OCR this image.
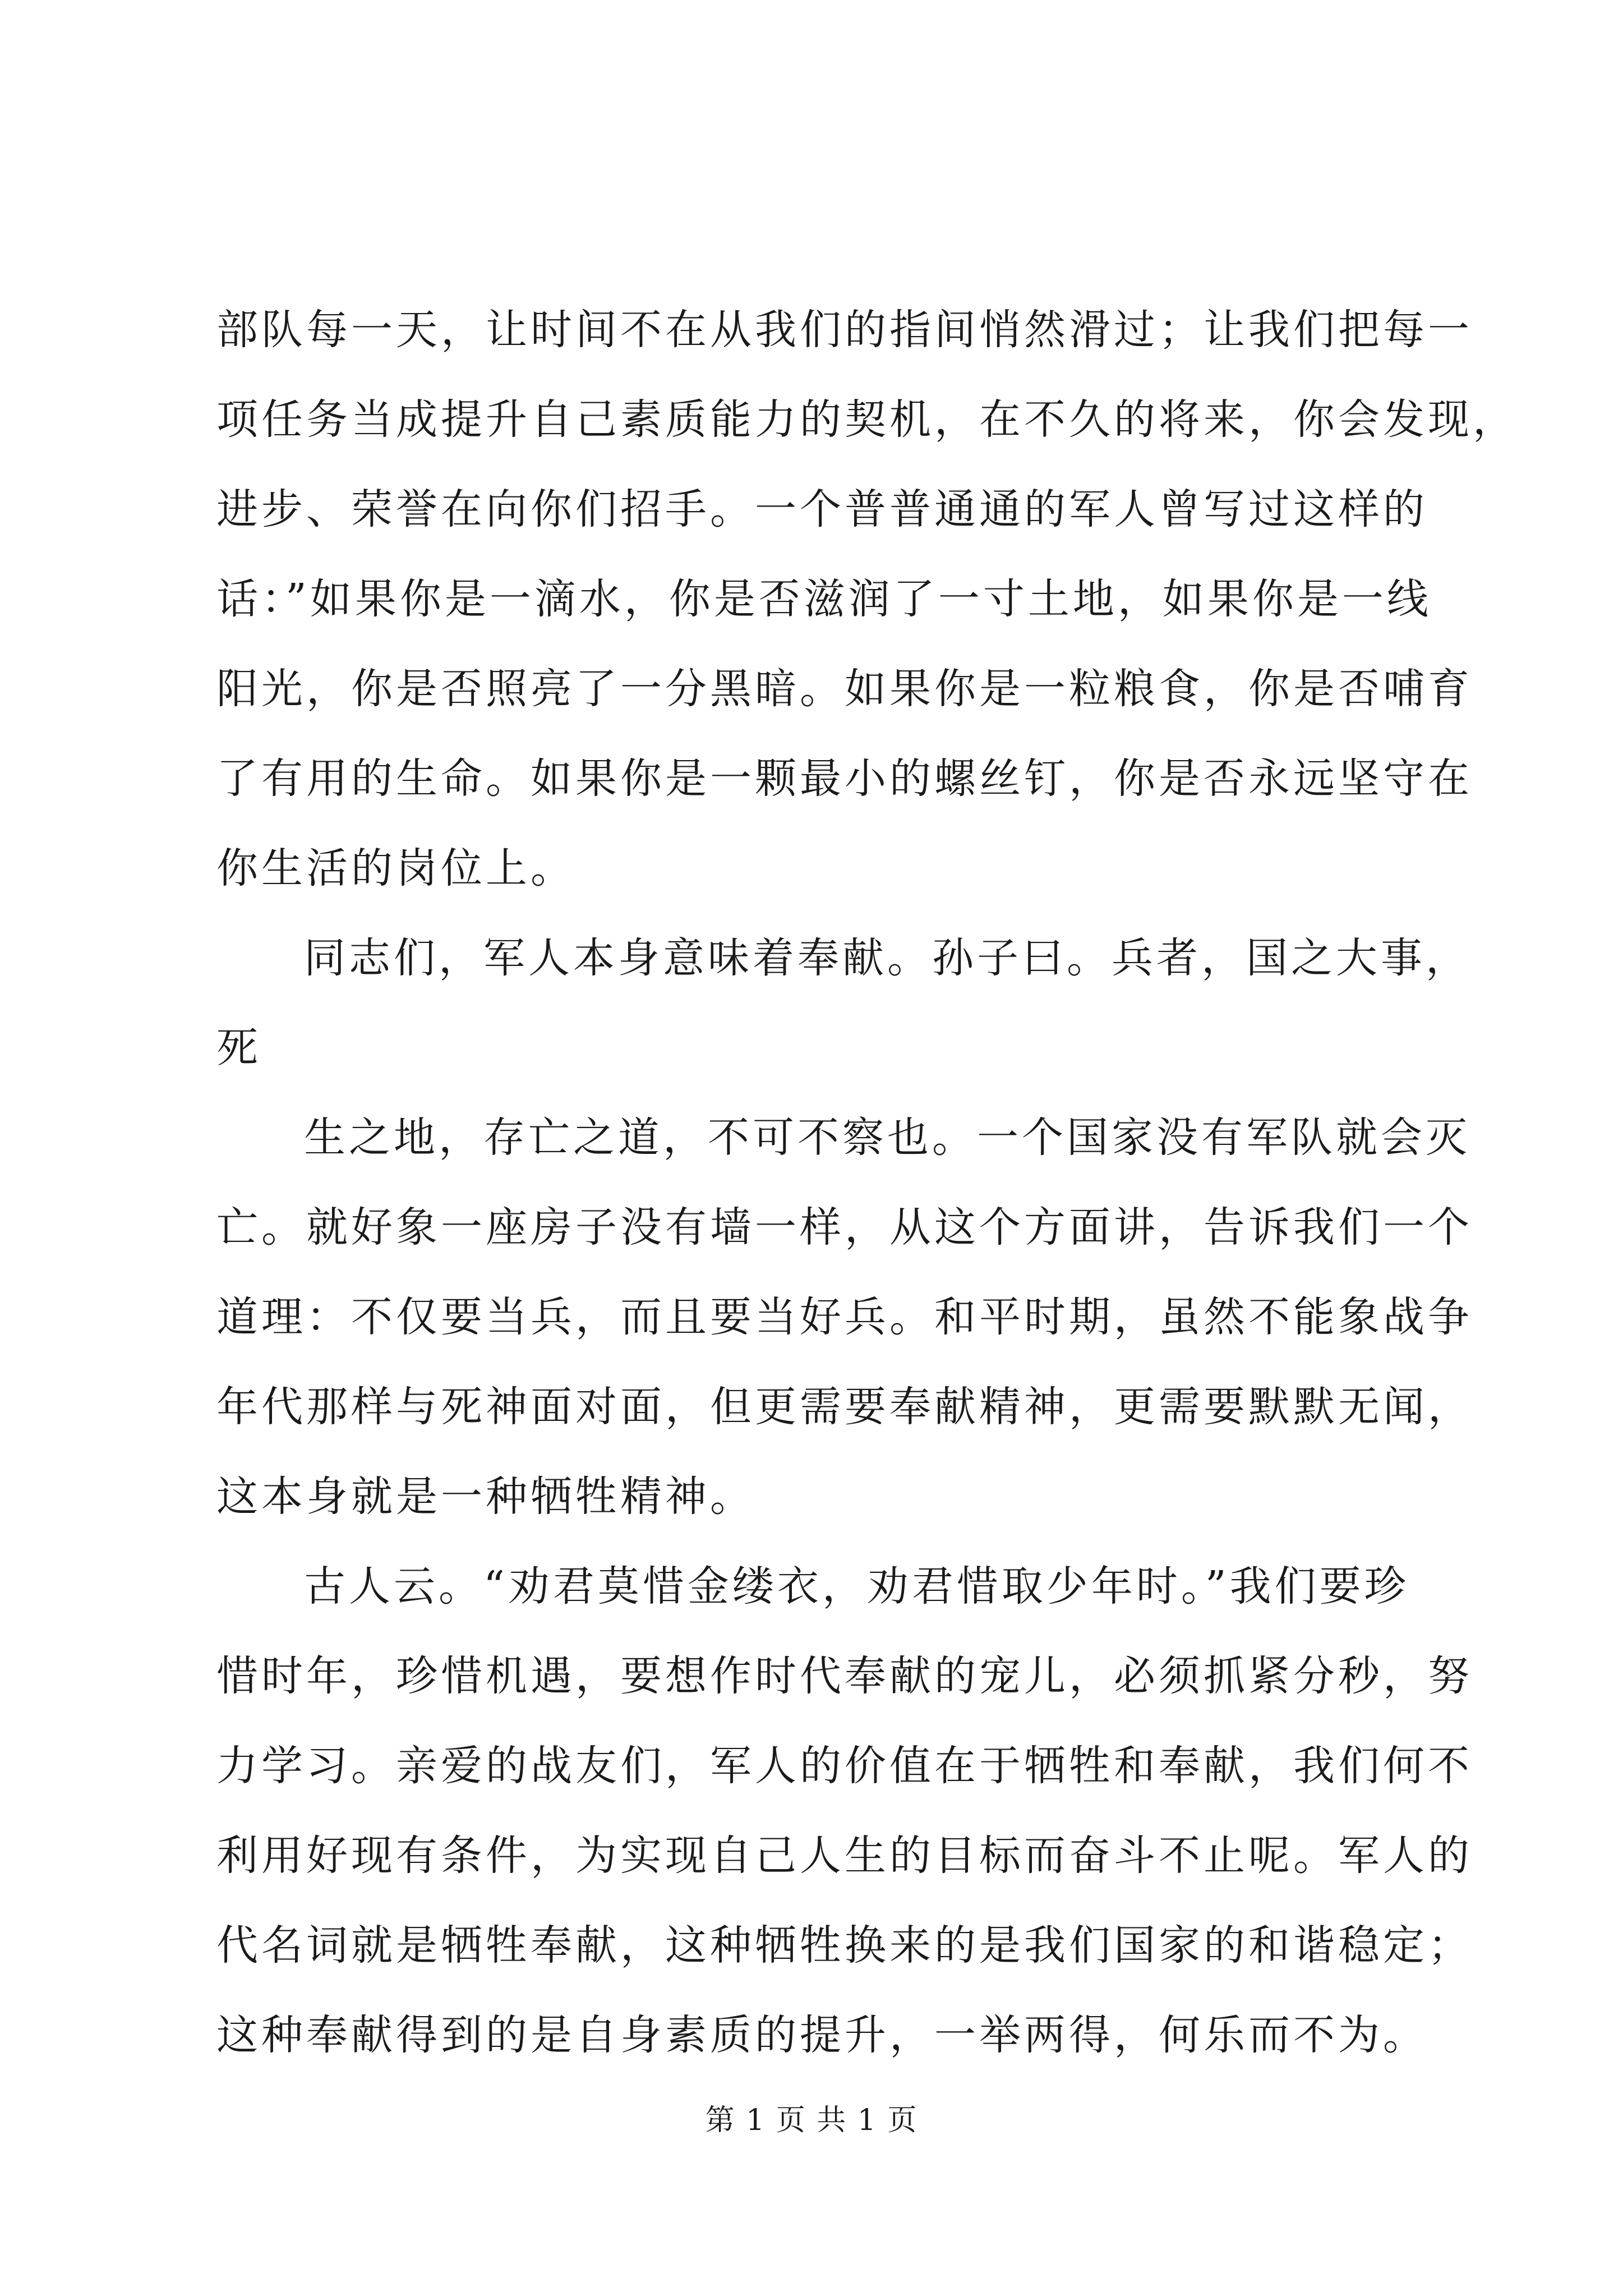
部队每一天，让时间不在从我们的指间悄然滑过；让我们把每一
项任务当成提升自己素质能力的契机，在不久的将来，你会发现，
进步、荣誉在向你们招手。一个普普通通的军人曾写过这样的
话：”如果你是一滴水，你是否滋润了一寸土地，如果你是一线
阳光，你是否照亮了一分黑暗。如果你是一粒粮食，你是否哺育
了有用的生命。如果你是一颗最小的螺丝钉，你是否永远坚守在
你生活的岗位上。
同志们，军人本身意味着奉献。孙子曰。兵者，国之大事，
死
生之地，存亡之道，不可不察也。一个国家没有军队就会灭
亡。就好象一座房子没有墙一样，从这个方面讲，告诉我们一个
道理：不仅要当兵，而且要当好兵。和平时期，虽然不能象战争
年代那样与死神面对面，但更需要奉献精神，更需要默默无闻，
这本身就是一种牺牲精神。
古人云。“劝君莫惜金缕衣，劝君惜取少年时。”我们要珍
惜时年，珍惜机遇，要想作时代奉献的宠儿，必须抓紧分秒，努
力学习。亲爱的战友们，军人的价值在于牺牲和奉献，我们何不
利用好现有条件，为实现自己人生的目标而奋斗不止呢。军人的
代名词就是牺牲奉献，这种牺牲换来的是我们国家的和谐稳定；
这种奉献得到的是自身素质的提升，一举两得，何乐而不为。
第 1 页 共 1 页
